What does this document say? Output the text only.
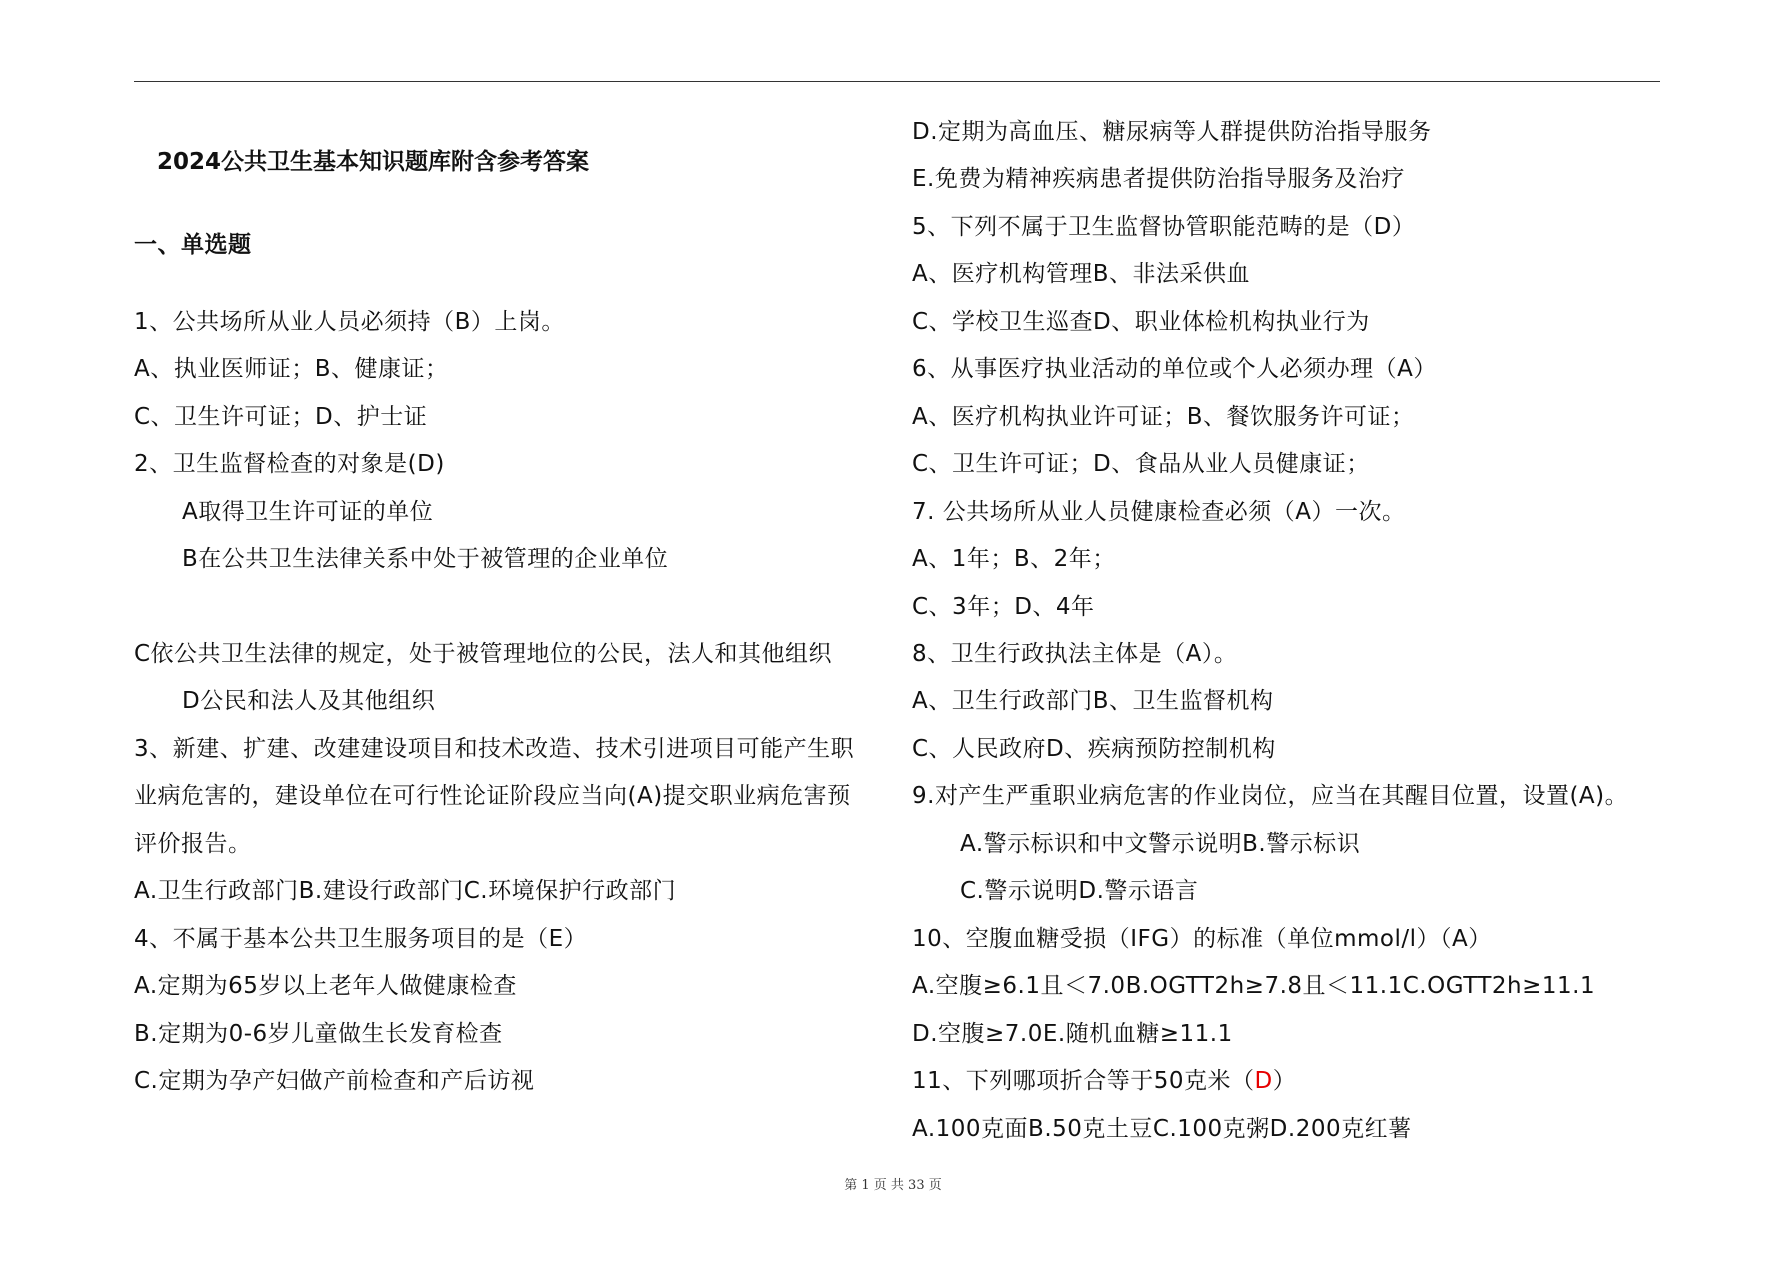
2024公共卫生基本知识题库附含参考答案
一、单选题
1、公共场所从业人员必须持（B）上岗。
A、执业医师证；B、健康证；
C、卫生许可证；D、护士证
2、卫生监督检查的对象是(D)
A取得卫生许可证的单位
B在公共卫生法律关系中处于被管理的企业单位
C依公共卫生法律的规定，处于被管理地位的公民，法人和其他组织
D公民和法人及其他组织
3、新建、扩建、改建建设项目和技术改造、技术引进项目可能产生职
业病危害的，建设单位在可行性论证阶段应当向(A)提交职业病危害预
评价报告。
A.卫生行政部门B.建设行政部门C.环境保护行政部门
4、不属于基本公共卫生服务项目的是（E）
A.定期为65岁以上老年人做健康检查
B.定期为0-6岁儿童做生长发育检查
C.定期为孕产妇做产前检查和产后访视
D.定期为高血压、糖尿病等人群提供防治指导服务
E.免费为精神疾病患者提供防治指导服务及治疗
5、下列不属于卫生监督协管职能范畴的是（D）
A、医疗机构管理B、非法采供血
C、学校卫生巡查D、职业体检机构执业行为
6、从事医疗执业活动的单位或个人必须办理（A）
A、医疗机构执业许可证；B、餐饮服务许可证；
C、卫生许可证；D、食品从业人员健康证；
7. 公共场所从业人员健康检查必须（A）一次。
A、1年；B、2年；
C、3年；D、4年
8、卫生行政执法主体是（A）。
A、卫生行政部门B、卫生监督机构
C、人民政府D、疾病预防控制机构
9.对产生严重职业病危害的作业岗位，应当在其醒目位置，设置(A)。
A.警示标识和中文警示说明B.警示标识
C.警示说明D.警示语言
10、空腹血糖受损（IFG）的标准（单位mmol/l）（A）
A.空腹≥6.1且＜7.0B.OGTT2h≥7.8且＜11.1C.OGTT2h≥11.1
D.空腹≥7.0E.随机血糖≥11.1
11、下列哪项折合等于50克米（D）
A.100克面B.50克土豆C.100克粥D.200克红薯
第 1 页 共 33 页
